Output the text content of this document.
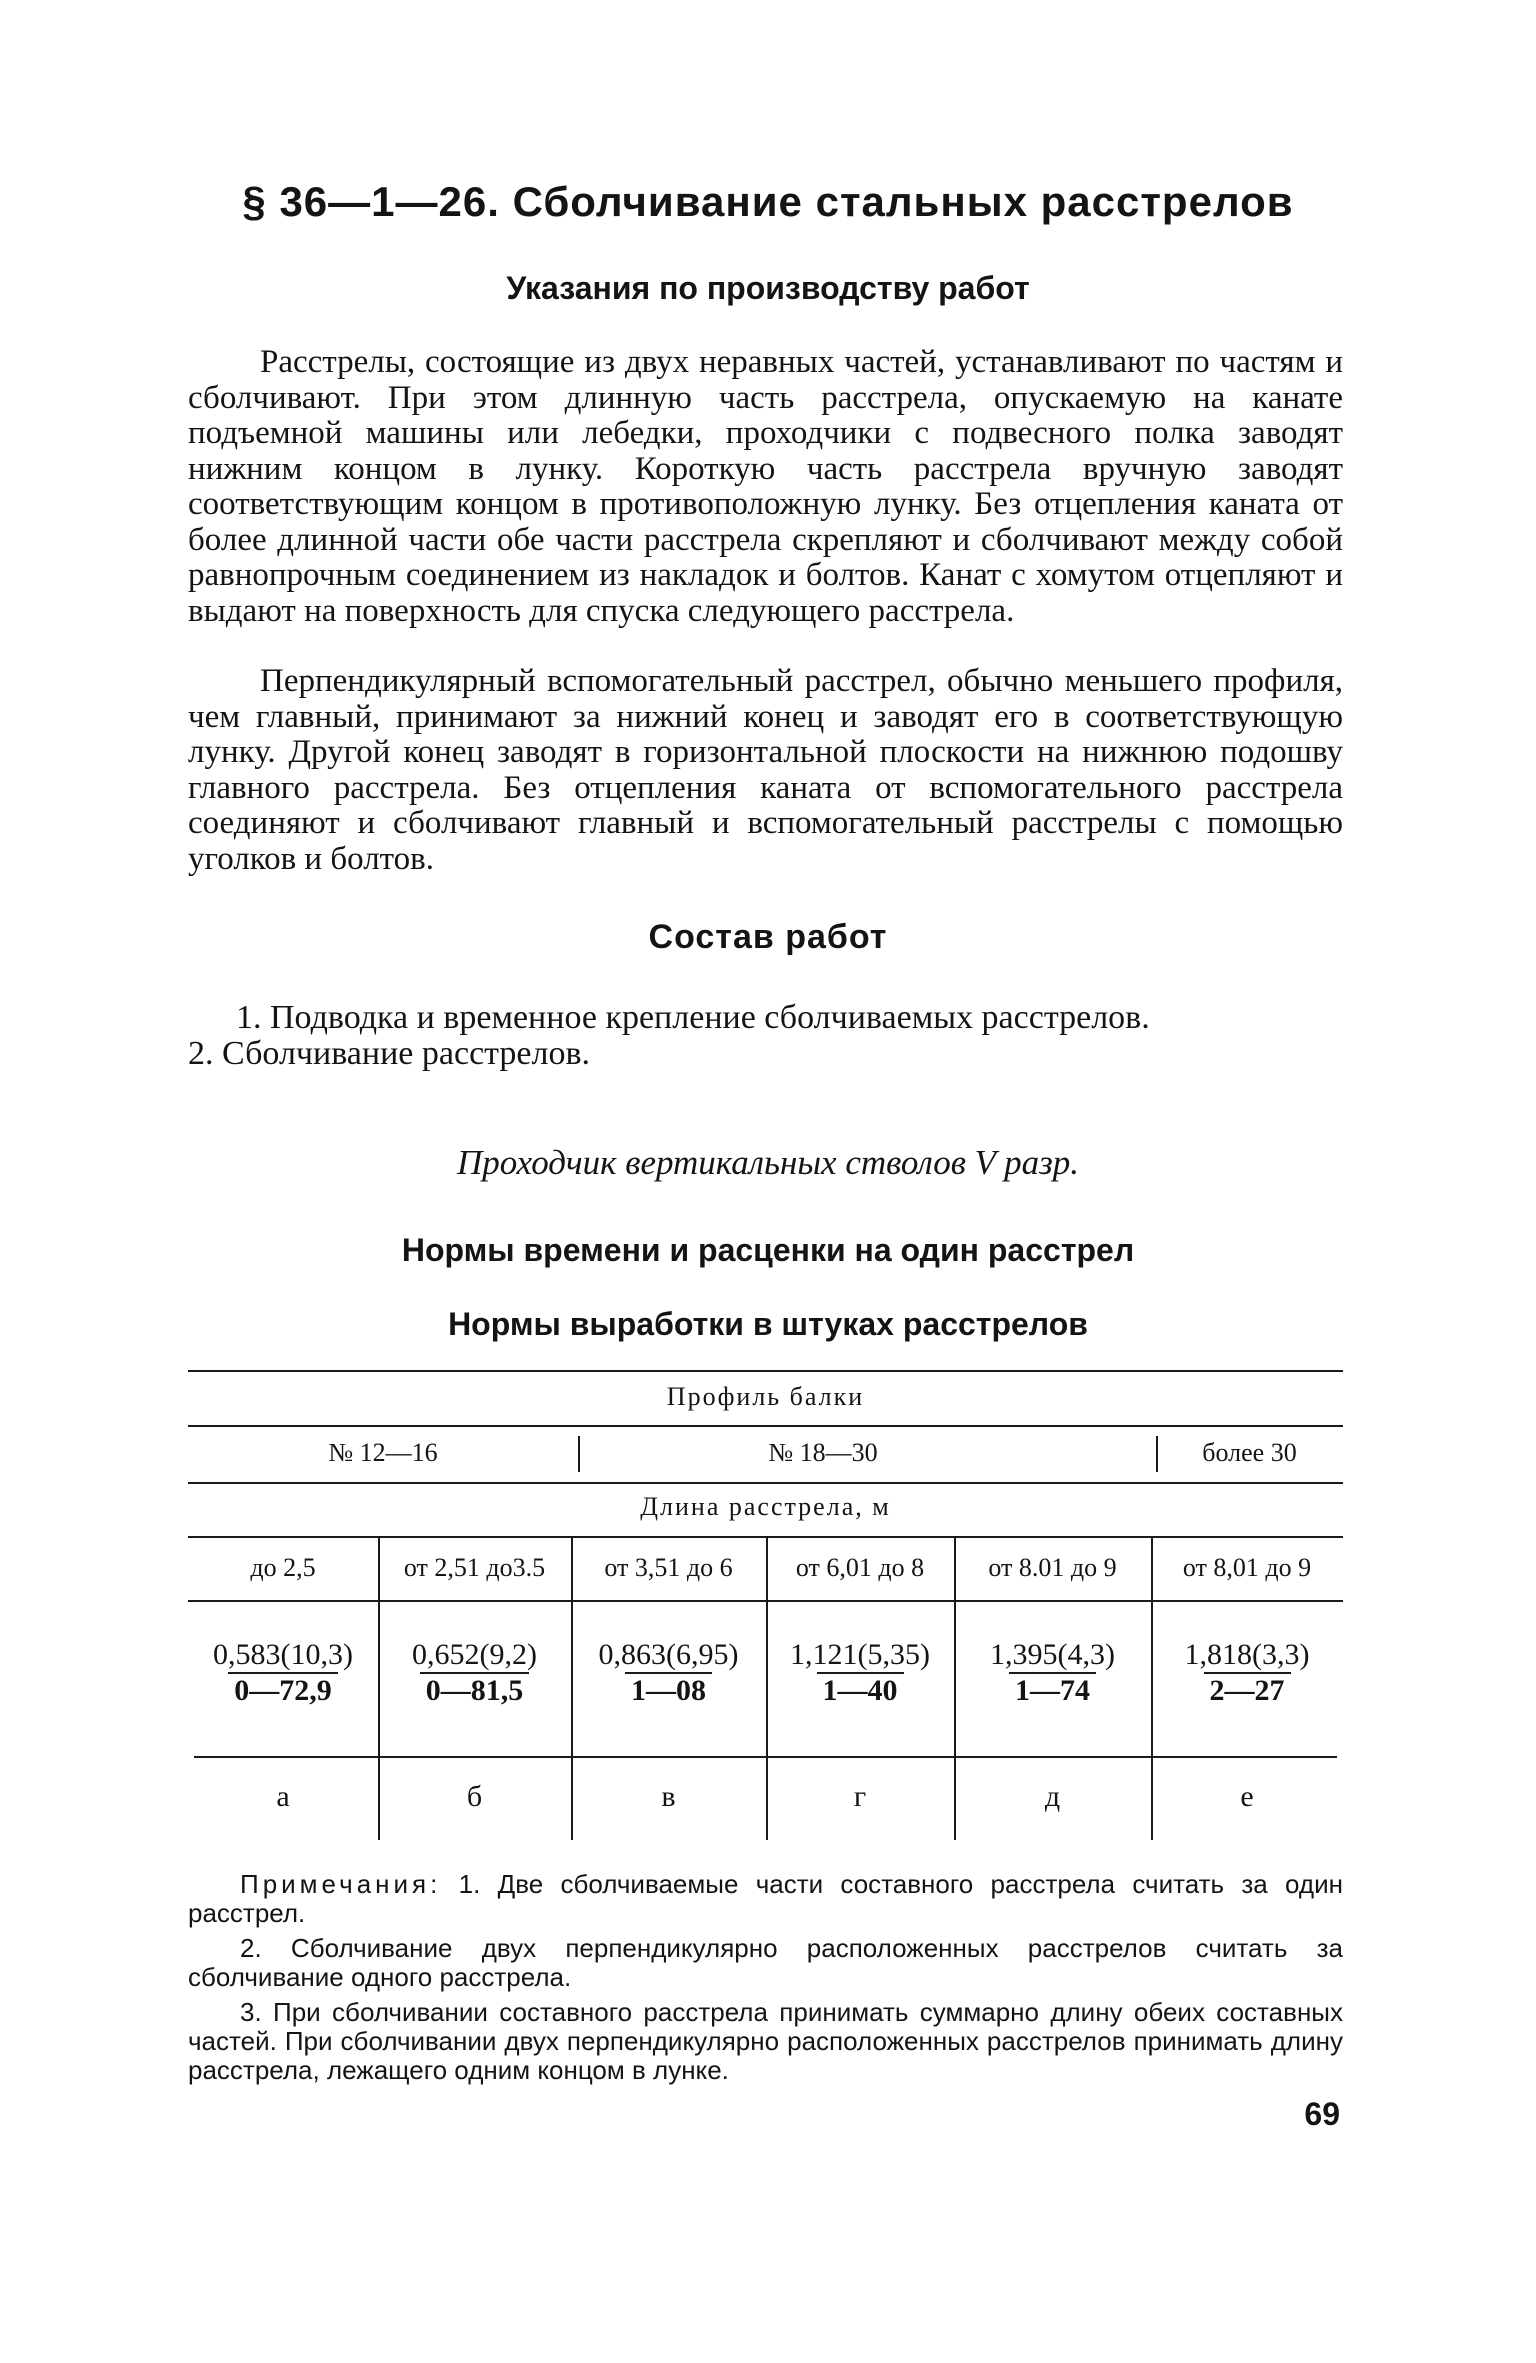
§ 36—1—26. Сболчивание стальных расстрелов
Указания по производству работ
Расстрелы, состоящие из двух неравных частей, устанавливают по частям и сболчивают. При этом длинную часть расстрела, опускаемую на канате подъемной машины или лебедки, проходчики с подвесного полка заводят нижним концом в лунку. Короткую часть расстрела вручную заводят соответствующим концом в противоположную лунку. Без отцепления каната от более длинной части обе части расстрела скрепляют и сболчивают между собой равнопрочным соединением из накладок и болтов. Канат с хомутом отцепляют и выдают на поверхность для спуска следующего расстрела.
Перпендикулярный вспомогательный расстрел, обычно меньшего профиля, чем главный, принимают за нижний конец и заводят его в соответствующую лунку. Другой конец заводят в горизонтальной плоскости на нижнюю подошву главного расстрела. Без отцепления каната от вспомогательного расстрела соединяют и сболчивают главный и вспомогательный расстрелы с помощью уголков и болтов.
Состав работ
1. Подводка и временное крепление сболчиваемых расстрелов.
2. Сболчивание расстрелов.
Проходчик вертикальных стволов V разр.
Нормы времени и расценки на один расстрел
Нормы выработки в штуках расстрелов
Профиль балки
№ 12—16	№ 18—30	более 30
Длина расстрела, м
до 2,5	от 2,51 до3.5	от 3,51 до 6	от 6,01 до 8	от 8.01 до 9	от 8,01 до 9
$\frac{0,583(10,3)}{0—72,9} \frac{0,652(9,2)}{0—81,5} \frac{0,863(6,95)}{1—08} \frac{1,121(5,35)}{1—40} \frac{1,395(4,3)}{1—74} \frac{1,818(3,3)}{2—27}$
а	б	в	г	д	е

Примечания: 1. Две сболчиваемые части составного расстрела считать за один расстрел.

2. Сболчивание двух перпендикулярно расположенных расстрелов считать за сболчивание одного расстрела.

3. При сболчивании составного расстрела принимать суммарно длину обеих составных частей. При сболчивании двух перпендикулярно расположенных расстрелов принимать длину расстрела, лежащего одним концом в лунке.

69
